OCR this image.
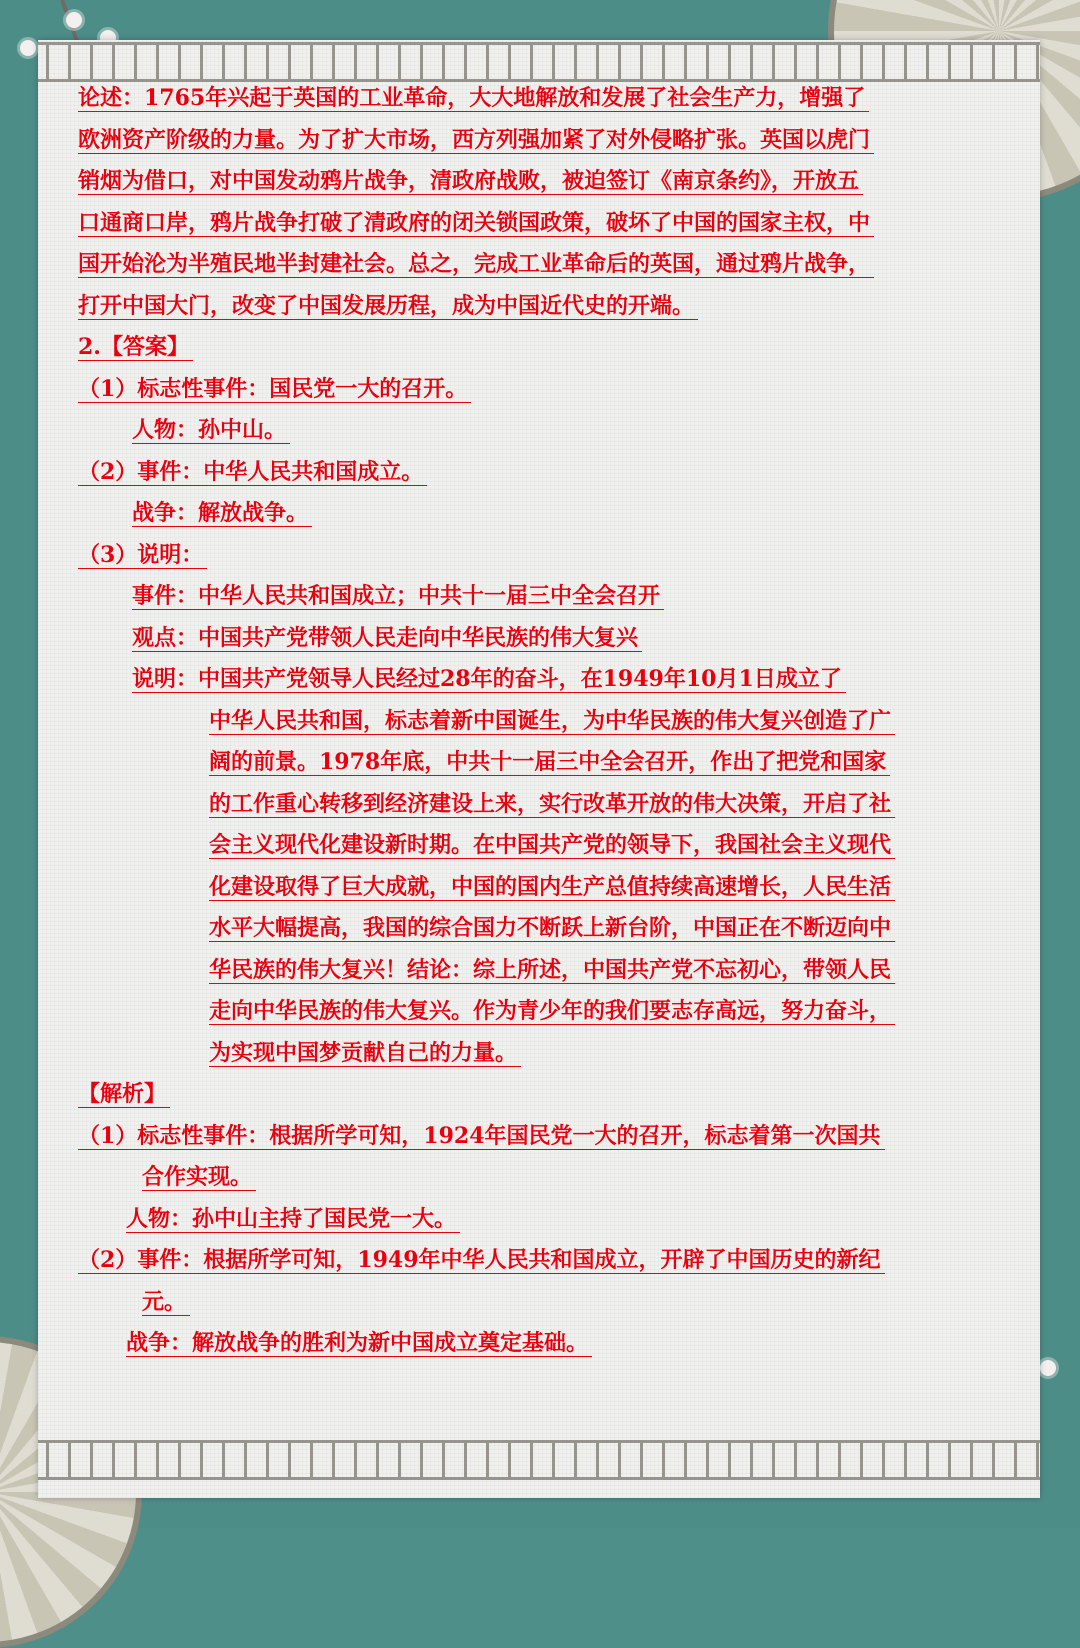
论述：1765年兴起于英国的工业革命，大大地解放和发展了社会生产力，增强了
欧洲资产阶级的力量。为了扩大市场，西方列强加紧了对外侵略扩张。英国以虎门
销烟为借口，对中国发动鸦片战争，清政府战败，被迫签订《南京条约》，开放五
口通商口岸，鸦片战争打破了清政府的闭关锁国政策，破坏了中国的国家主权，中
国开始沦为半殖民地半封建社会。总之，完成工业革命后的英国，通过鸦片战争，
打开中国大门，改变了中国发展历程，成为中国近代史的开端。
2.【答案】
（1）标志性事件：国民党一大的召开。
人物：孙中山。
（2）事件：中华人民共和国成立。
战争：解放战争。
（3）说明：
事件：中华人民共和国成立；中共十一届三中全会召开
观点：中国共产党带领人民走向中华民族的伟大复兴
说明：中国共产党领导人民经过28年的奋斗，在1949年10月1日成立了
中华人民共和国，标志着新中国诞生，为中华民族的伟大复兴创造了广
阔的前景。1978年底，中共十一届三中全会召开，作出了把党和国家
的工作重心转移到经济建设上来，实行改革开放的伟大决策，开启了社
会主义现代化建设新时期。在中国共产党的领导下，我国社会主义现代
化建设取得了巨大成就，中国的国内生产总值持续高速增长，人民生活
水平大幅提高，我国的综合国力不断跃上新台阶，中国正在不断迈向中
华民族的伟大复兴！结论：综上所述，中国共产党不忘初心，带领人民
走向中华民族的伟大复兴。作为青少年的我们要志存高远，努力奋斗，
为实现中国梦贡献自己的力量。
【解析】
（1）标志性事件：根据所学可知，1924年国民党一大的召开，标志着第一次国共
合作实现。
人物：孙中山主持了国民党一大。
（2）事件：根据所学可知，1949年中华人民共和国成立，开辟了中国历史的新纪
元。
战争：解放战争的胜利为新中国成立奠定基础。
